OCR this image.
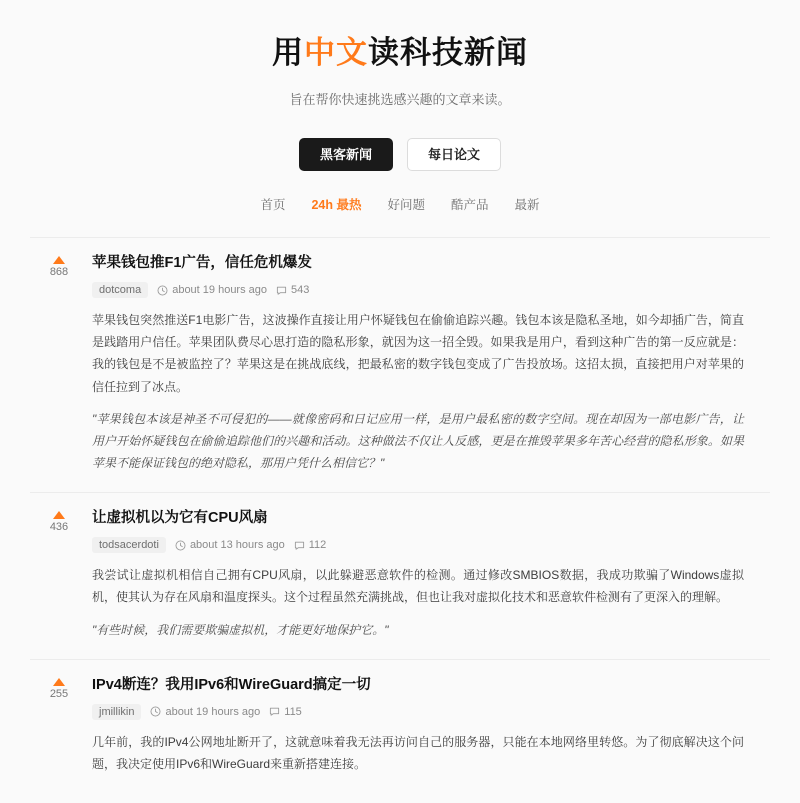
用中文读科技新闻

旨在帮你快速挑选感兴趣的文章来读。

黑客新闻	每日论文
首页 24h 最热 好问题 酷产品 最新
868
苹果钱包推F1广告，信任危机爆发
dotcoma	about 19 hours ago 543

苹果钱包突然推送F1电影广告，这波操作直接让用户怀疑钱包在偷偷追踪兴趣。钱包本该是隐私圣地，如今却插广告，简直是践踏用户信任。苹果团队费尽心思打造的隐私形象，就因为这一招全毁。如果我是用户，看到这种广告的第一反应就是：我的钱包是不是被监控了？苹果这是在挑战底线，把最私密的数字钱包变成了广告投放场。这招太损，直接把用户对苹果的信任拉到了冰点。

"苹果钱包本该是神圣不可侵犯的——就像密码和日记应用一样，是用户最私密的数字空间。现在却因为一部电影广告，让用户开始怀疑钱包在偷偷追踪他们的兴趣和活动。这种做法不仅让人反感，更是在推毁苹果多年苦心经营的隐私形象。如果苹果不能保证钱包的绝对隐私，那用户凭什么相信它？"

436
让虚拟机以为它有CPU风扇
todsacerdoti	about 13 hours ago 112

我尝试让虚拟机相信自己拥有CPU风扇，以此躲避恶意软件的检测。通过修改SMBIOS数据，我成功欺骗了Windows虚拟机，使其认为存在风扇和温度探头。这个过程虽然充满挑战，但也让我对虚拟化技术和恶意软件检测有了更深入的理解。

"有些时候，我们需要欺骗虚拟机，才能更好地保护它。"

255
IPv4断连？我用IPv6和WireGuard搞定一切
jmillikin	about 19 hours ago 115

几年前，我的IPv4公网地址断开了，这就意味着我无法再访问自己的服务器，只能在本地网络里转悠。为了彻底解决这个问题，我决定使用IPv6和WireGuard来重新搭建连接。
